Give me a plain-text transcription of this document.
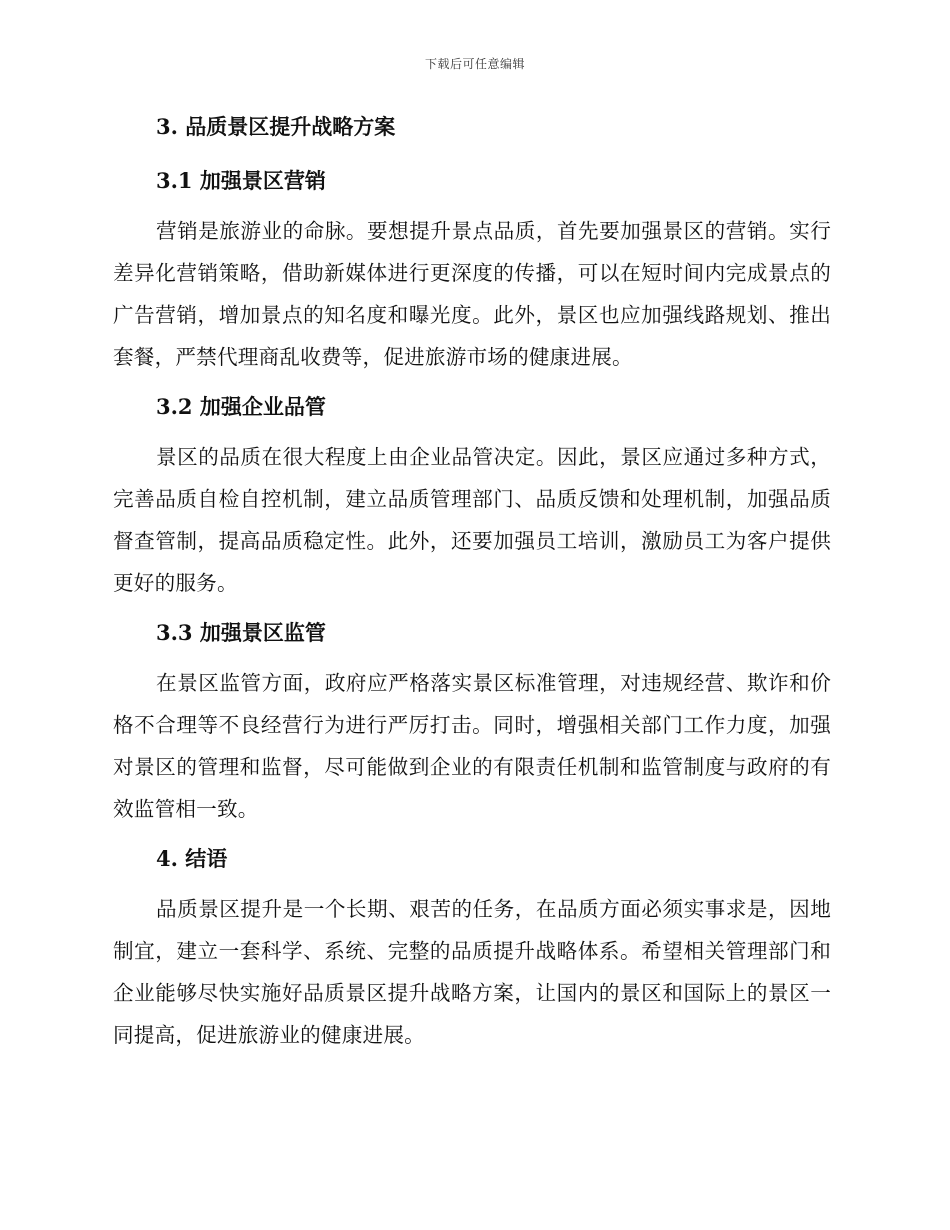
下载后可任意编辑
3. 品质景区提升战略方案
3.1 加强景区营销

营销是旅游业的命脉。要想提升景点品质，首先要加强景区的营销。实行差异化营销策略，借助新媒体进行更深度的传播，可以在短时间内完成景点的广告营销，增加景点的知名度和曝光度。此外，景区也应加强线路规划、推出套餐，严禁代理商乱收费等，促进旅游市场的健康进展。

3.2 加强企业品管

景区的品质在很大程度上由企业品管决定。因此，景区应通过多种方式，完善品质自检自控机制，建立品质管理部门、品质反馈和处理机制，加强品质督查管制，提高品质稳定性。此外，还要加强员工培训，激励员工为客户提供更好的服务。

3.3 加强景区监管

在景区监管方面，政府应严格落实景区标准管理，对违规经营、欺诈和价格不合理等不良经营行为进行严厉打击。同时，增强相关部门工作力度，加强对景区的管理和监督，尽可能做到企业的有限责任机制和监管制度与政府的有效监管相一致。

4. 结语

品质景区提升是一个长期、艰苦的任务，在品质方面必须实事求是，因地制宜，建立一套科学、系统、完整的品质提升战略体系。希望相关管理部门和企业能够尽快实施好品质景区提升战略方案，让国内的景区和国际上的景区一同提高，促进旅游业的健康进展。
